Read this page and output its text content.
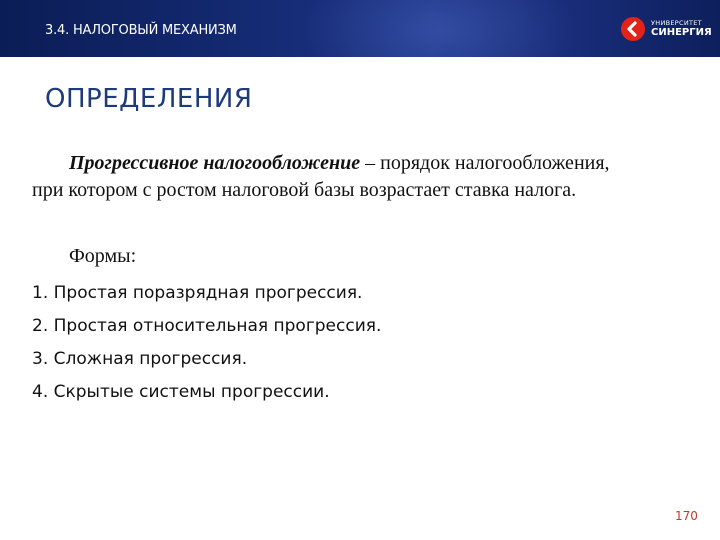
3.4. НАЛОГОВЫЙ МЕХАНИЗМ	УНИВЕРСИТЕТ
СИНЕРГИЯ
ОПРЕДЕЛЕНИЯ
Прогрессивное налогообложение – порядок налогообложения, при котором с ростом налоговой базы возрастает ставка налога.
Формы:
1. Простая поразрядная прогрессия.
2. Простая относительная прогрессия.
3. Сложная прогрессия.
4. Скрытые системы прогрессии.
170
